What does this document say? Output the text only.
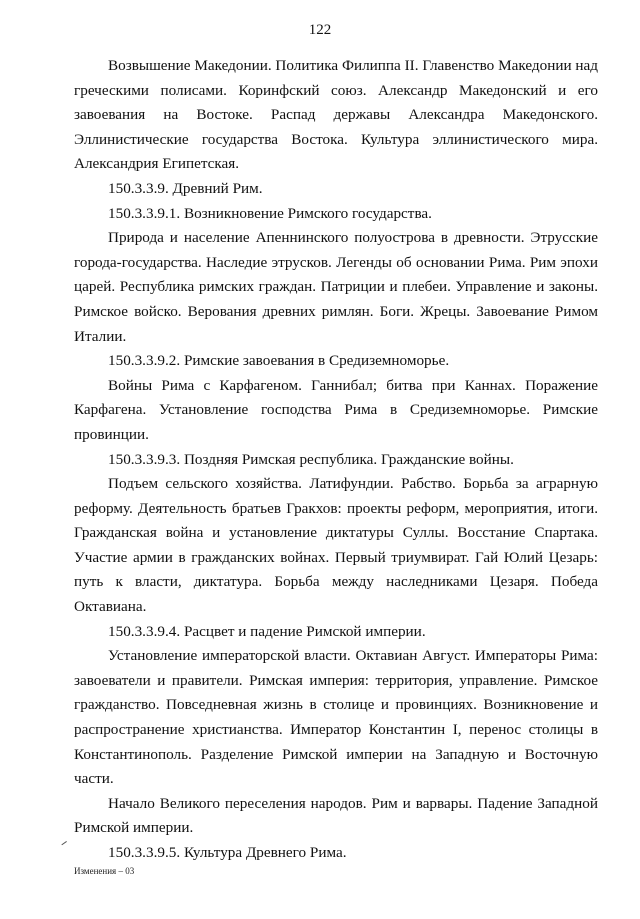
122

Возвышение Македонии. Политика Филиппа II. Главенство Македонии над греческими полисами. Коринфский союз. Александр Македонский и его завоевания на Востоке. Распад державы Александра Македонского. Эллинистические государства Востока. Культура эллинистического мира. Александрия Египетская.

150.3.3.9. Древний Рим.

150.3.3.9.1. Возникновение Римского государства.

Природа и население Апеннинского полуострова в древности. Этрусские города-государства. Наследие этрусков. Легенды об основании Рима. Рим эпохи царей. Республика римских граждан. Патриции и плебеи. Управление и законы. Римское войско. Верования древних римлян. Боги. Жрецы. Завоевание Римом Италии.

150.3.3.9.2. Римские завоевания в Средиземноморье.

Войны Рима с Карфагеном. Ганнибал; битва при Каннах. Поражение Карфагена. Установление господства Рима в Средиземноморье. Римские провинции.

150.3.3.9.3. Поздняя Римская республика. Гражданские войны.

Подъем сельского хозяйства. Латифундии. Рабство. Борьба за аграрную реформу. Деятельность братьев Гракхов: проекты реформ, мероприятия, итоги. Гражданская война и установление диктатуры Суллы. Восстание Спартака. Участие армии в гражданских войнах. Первый триумвират. Гай Юлий Цезарь: путь к власти, диктатура. Борьба между наследниками Цезаря. Победа Октавиана.

150.3.3.9.4. Расцвет и падение Римской империи.

Установление императорской власти. Октавиан Август. Императоры Рима: завоеватели и правители. Римская империя: территория, управление. Римское гражданство. Повседневная жизнь в столице и провинциях. Возникновение и распространение христианства. Император Константин I, перенос столицы в Константинополь. Разделение Римской империи на Западную и Восточную части.

Начало Великого переселения народов. Рим и варвары. Падение Западной Римской империи.

150.3.3.9.5. Культура Древнего Рима.

Изменения – 03
